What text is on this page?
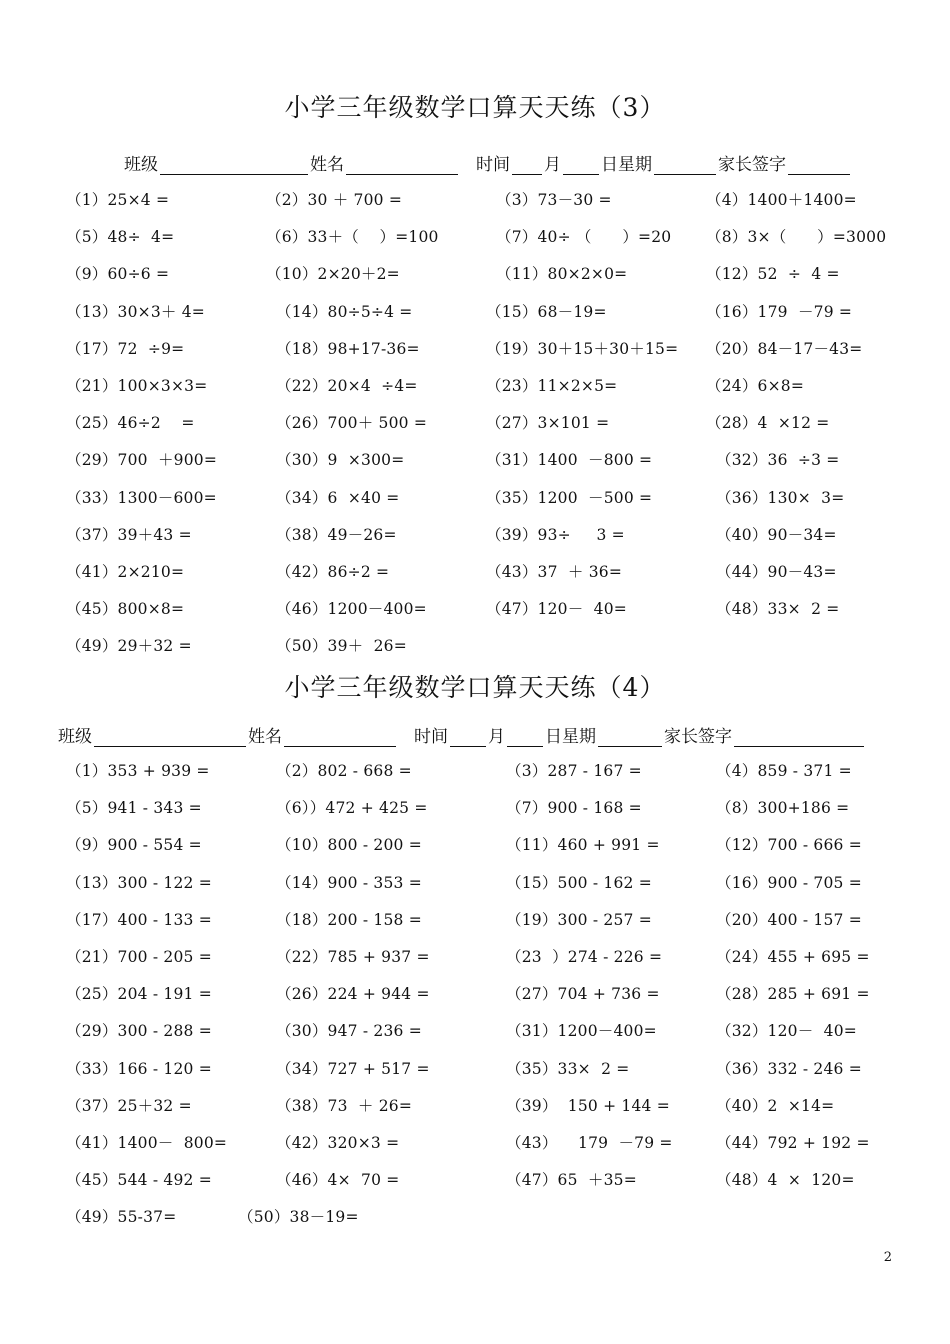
小学三年级数学口算天天练（3）
班级	姓名	时间 月 日星期	家长签字
（1）25×4 =	（2）30 ＋ 700 =	（3）73－30 =	（4）1400＋1400=
（5）48÷  4=	（6）33＋（    ）=100	（7）40÷ （      ）=20 （8）3×（      ）=3000
（9）60÷6 =	（10）2×20＋2=	（11）80×2×0=	（12）52  ÷  4 =
（13）30×3＋ 4=	（14）80÷5÷4 =	（15）68－19=	（16）179  －79 =
（17）72  ÷9=	（18）98+17-36=	（19）30＋15＋30＋15= （20）84－17－43=
（21）100×3×3=	（22）20×4  ÷4=	（23）11×2×5=	（24）6×8=
（25）46÷2    =	（26）700＋ 500 =	（27）3×101 =	（28）4  ×12 =
（29）700  ＋900=	（30）9  ×300=	（31）1400  －800 =	（32）36  ÷3 =
（33）1300－600=	（34）6  ×40 =	（35）1200  －500 =	（36）130×  3=
（37）39＋43 =	（38）49－26=	（39）93÷     3 =	（40）90－34=
（41）2×210=	（42）86÷2 =	（43）37  ＋ 36=	（44）90－43=
（45）800×8=	（46）1200－400=	（47）120－  40=	（48）33×  2 =
（49）29＋32 =	（50）39＋  26=
小学三年级数学口算天天练（4）
班级	姓名	时间 月 日星期	家长签字
（1）353 + 939 =	（2）802 - 668 =	（3）287 - 167 =	（4）859 - 371 =
（5）941 - 343 =	（6））472 + 425 =	（7）900 - 168 =	（8）300+186 =
（9）900 - 554 =	（10）800 - 200 =	（11）460 + 991 =	（12）700 - 666 =
（13）300 - 122 =	（14）900 - 353 =	（15）500 - 162 =	（16）900 - 705 =
（17）400 - 133 =	（18）200 - 158 =	（19）300 - 257 =	（20）400 - 157 =
（21）700 - 205 =	（22）785 + 937 =	（23  ）274 - 226 =	（24）455 + 695 =
（25）204 - 191 =	（26）224 + 944 =	（27）704 + 736 =	（28）285 + 691 =
（29）300 - 288 =	（30）947 - 236 =	（31）1200－400=	（32）120－  40=
（33）166 - 120 =	（34）727 + 517 =	（35）33×  2 =	（36）332 - 246 =
（37）25＋32 =	（38）73  ＋ 26=	（39）  150 + 144 =	（40）2  ×14=
（41）1400－  800=	（42）320×3 =	（43）    179  －79 =	（44）792 + 192 =
（45）544 - 492 =	（46）4×  70 =	（47）65  ＋35=	（48）4  ×  120=
（49）55-37=	（50）38－19=
2
